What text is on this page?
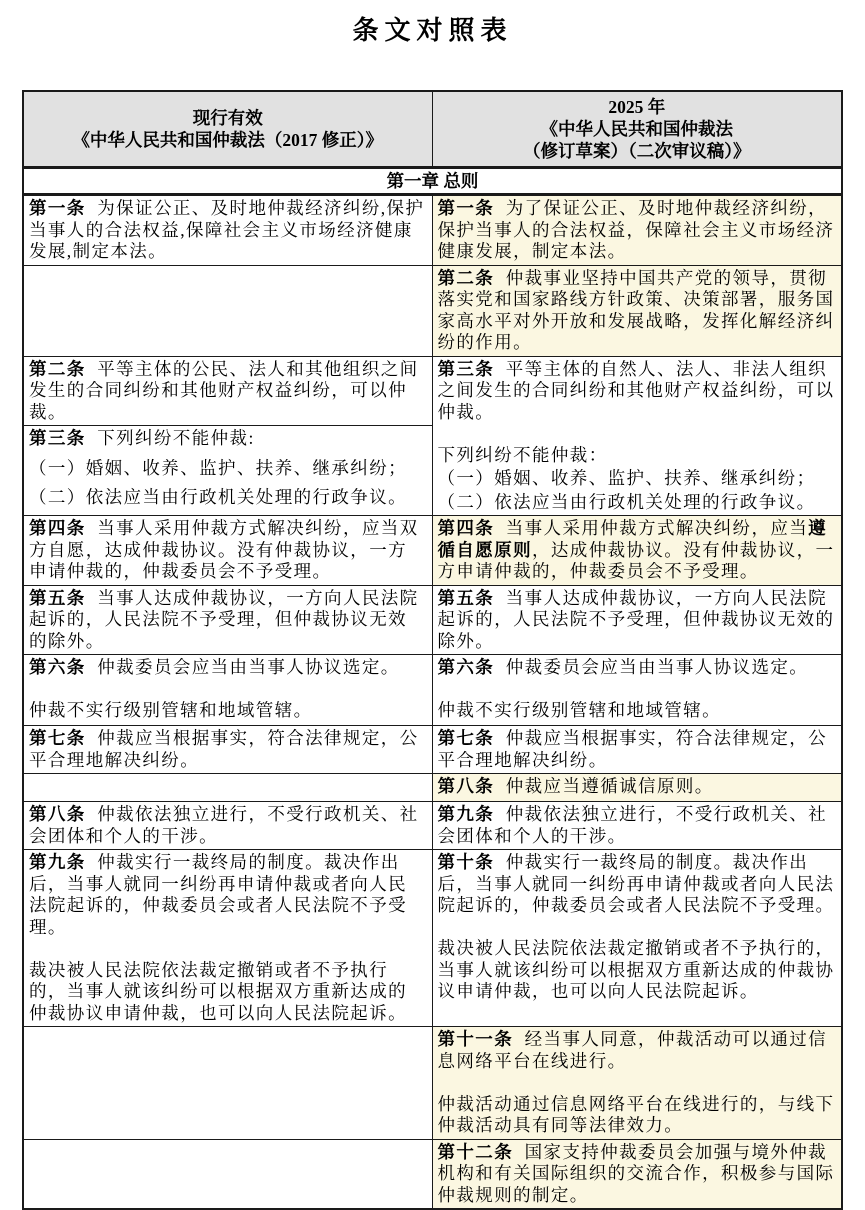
条文对照表
现行有效
《中华人民共和国仲裁法（2017 修正）》
2025 年
《中华人民共和国仲裁法
（修订草案）（二次审议稿）》
第一章 总则
第一条  为保证公正、及时地仲裁经济纠纷,保护当事人的合法权益,保障社会主义市场经济健康发展,制定本法。
第一条  为了保证公正、及时地仲裁经济纠纷，保护当事人的合法权益，保障社会主义市场经济健康发展，制定本法。
第二条  仲裁事业坚持中国共产党的领导，贯彻落实党和国家路线方针政策、决策部署，服务国家高水平对外开放和发展战略，发挥化解经济纠纷的作用。
第二条  平等主体的公民、法人和其他组织之间发生的合同纠纷和其他财产权益纠纷，可以仲裁。
第三条  下列纠纷不能仲裁:
（一）婚姻、收养、监护、扶养、继承纠纷；
（二）依法应当由行政机关处理的行政争议。
第三条  平等主体的自然人、法人、非法人组织之间发生的合同纠纷和其他财产权益纠纷，可以仲裁。
下列纠纷不能仲裁：
（一）婚姻、收养、监护、扶养、继承纠纷；
（二）依法应当由行政机关处理的行政争议。
第四条  当事人采用仲裁方式解决纠纷，应当双方自愿，达成仲裁协议。没有仲裁协议，一方申请仲裁的，仲裁委员会不予受理。
第四条  当事人采用仲裁方式解决纠纷，应当遵循自愿原则，达成仲裁协议。没有仲裁协议，一方申请仲裁的，仲裁委员会不予受理。
第五条  当事人达成仲裁协议，一方向人民法院起诉的，人民法院不予受理，但仲裁协议无效的除外。
第五条  当事人达成仲裁协议，一方向人民法院起诉的，人民法院不予受理，但仲裁协议无效的除外。
第六条  仲裁委员会应当由当事人协议选定。
仲裁不实行级别管辖和地域管辖。
第六条  仲裁委员会应当由当事人协议选定。
仲裁不实行级别管辖和地域管辖。
第七条  仲裁应当根据事实，符合法律规定，公平合理地解决纠纷。
第七条  仲裁应当根据事实，符合法律规定，公平合理地解决纠纷。
第八条  仲裁应当遵循诚信原则。
第八条  仲裁依法独立进行，不受行政机关、社会团体和个人的干涉。
第九条  仲裁依法独立进行，不受行政机关、社会团体和个人的干涉。
第九条  仲裁实行一裁终局的制度。裁决作出后，当事人就同一纠纷再申请仲裁或者向人民法院起诉的，仲裁委员会或者人民法院不予受理。
裁决被人民法院依法裁定撤销或者不予执行的，当事人就该纠纷可以根据双方重新达成的仲裁协议申请仲裁，也可以向人民法院起诉。
第十条  仲裁实行一裁终局的制度。裁决作出后，当事人就同一纠纷再申请仲裁或者向人民法院起诉的，仲裁委员会或者人民法院不予受理。
裁决被人民法院依法裁定撤销或者不予执行的，当事人就该纠纷可以根据双方重新达成的仲裁协议申请仲裁，也可以向人民法院起诉。
第十一条  经当事人同意，仲裁活动可以通过信息网络平台在线进行。
仲裁活动通过信息网络平台在线进行的，与线下仲裁活动具有同等法律效力。
第十二条  国家支持仲裁委员会加强与境外仲裁机构和有关国际组织的交流合作，积极参与国际仲裁规则的制定。
